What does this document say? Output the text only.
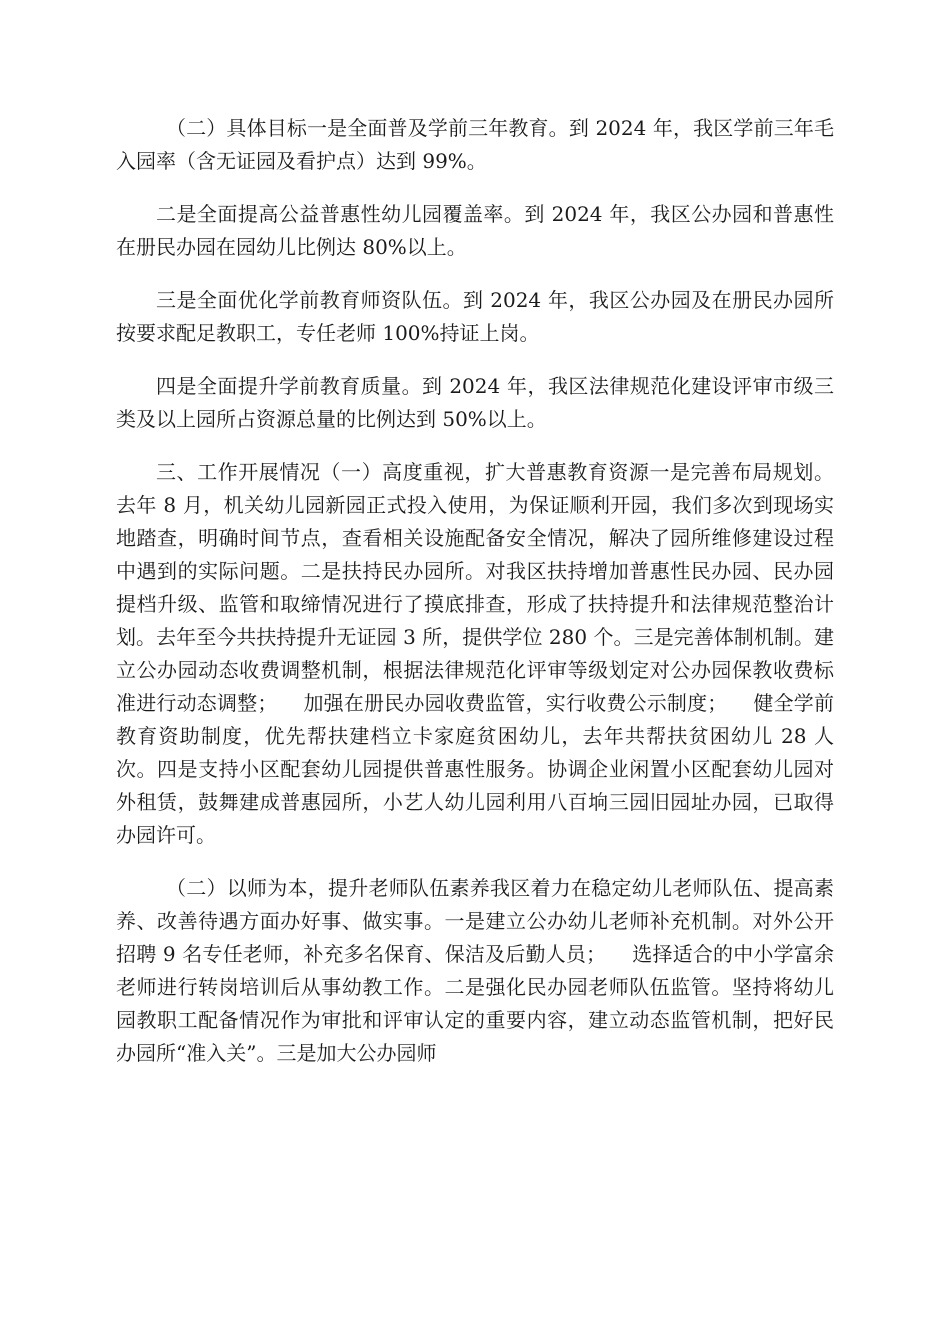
（二）具体目标一是全面普及学前三年教育。到 2024 年，我区学前三年毛入园率（含无证园及看护点）达到 99%。

二是全面提高公益普惠性幼儿园覆盖率。到 2024 年，我区公办园和普惠性在册民办园在园幼儿比例达 80%以上。

三是全面优化学前教育师资队伍。到 2024 年，我区公办园及在册民办园所按要求配足教职工，专任老师 100%持证上岗。

四是全面提升学前教育质量。到 2024 年，我区法律规范化建设评审市级三类及以上园所占资源总量的比例达到 50%以上。

三、工作开展情况（一）高度重视，扩大普惠教育资源一是完善布局规划。去年 8 月，机关幼儿园新园正式投入使用，为保证顺利开园，我们多次到现场实地踏查，明确时间节点，查看相关设施配备安全情况，解决了园所维修建设过程中遇到的实际问题。二是扶持民办园所。对我区扶持增加普惠性民办园、民办园提档升级、监管和取缔情况进行了摸底排查，形成了扶持提升和法律规范整治计划。去年至今共扶持提升无证园 3 所，提供学位 280 个。三是完善体制机制。建立公办园动态收费调整机制，根据法律规范化评审等级划定对公办园保教收费标准进行动态调整；    加强在册民办园收费监管，实行收费公示制度；    健全学前教育资助制度，优先帮扶建档立卡家庭贫困幼儿，去年共帮扶贫困幼儿 28 人次。四是支持小区配套幼儿园提供普惠性服务。协调企业闲置小区配套幼儿园对外租赁，鼓舞建成普惠园所，小艺人幼儿园利用八百垧三园旧园址办园，已取得办园许可。

（二）以师为本，提升老师队伍素养我区着力在稳定幼儿老师队伍、提高素养、改善待遇方面办好事、做实事。一是建立公办幼儿老师补充机制。对外公开招聘 9 名专任老师，补充多名保育、保洁及后勤人员；    选择适合的中小学富余老师进行转岗培训后从事幼教工作。二是强化民办园老师队伍监管。坚持将幼儿园教职工配备情况作为审批和评审认定的重要内容，建立动态监管机制，把好民办园所“准入关”。三是加大公办园师
